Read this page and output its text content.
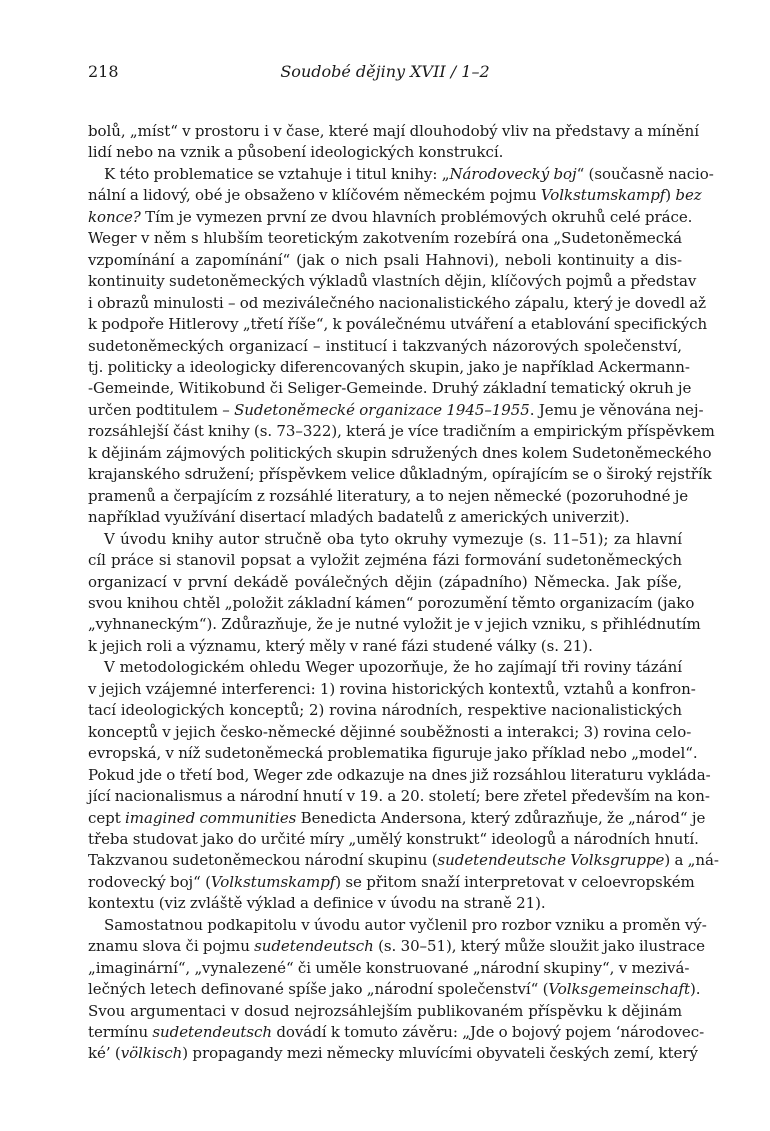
218	Soudobé dějiny XVII / 1–2
bolů, „míst“ v prostoru i v čase, které mají dlouhodobý vliv na představy a mínění
lidí nebo na vznik a působení ideologických konstrukcí.
K této problematice se vztahuje i titul knihy: „Národovecký boj“ (současně nacio-
nální a lidový, obé je obsaženo v klíčovém německém pojmu Volkstumskampf) bez
konce? Tím je vymezen první ze dvou hlavních problémových okruhů celé práce.
Weger v něm s hlubším teoretickým zakotvením rozebírá ona „Sudetoněmecká
vzpomínání a zapomínání“ (jak o nich psali Hahnovi), neboli kontinuity a dis-
kontinuity sudetoněmeckých výkladů vlastních dějin, klíčových pojmů a představ
i obrazů minulosti – od meziválečného nacionalistického zápalu, který je dovedl až
k podpoře Hitlerovy „třetí říše“, k poválečnému utváření a etablování specifických
sudetoněmeckých organizací – institucí i takzvaných názorových společenství,
tj. politicky a ideologicky diferencovaných skupin, jako je například Ackermann-
-Gemeinde, Witikobund či Seliger-Gemeinde. Druhý základní tematický okruh je
určen podtitulem – Sudetoněmecké organizace 1945–1955. Jemu je věnována nej-
rozsáhlejší část knihy (s. 73–322), která je více tradičním a empirickým příspěvkem
k dějinám zájmových politických skupin sdružených dnes kolem Sudetoněmeckého
krajanského sdružení; příspěvkem velice důkladným, opírajícím se o široký rejstřík
pramenů a čerpajícím z rozsáhlé literatury, a to nejen německé (pozoruhodné je
například využívání disertací mladých badatelů z amerických univerzit).
V úvodu knihy autor stručně oba tyto okruhy vymezuje (s. 11–51); za hlavní
cíl práce si stanovil popsat a vyložit zejména fázi formování sudetoněmeckých
organizací v první dekádě poválečných dějin (západního) Německa. Jak píše,
svou knihou chtěl „položit základní kámen“ porozumění těmto organizacím (jako
„vyhnaneckým“). Zdůrazňuje, že je nutné vyložit je v jejich vzniku, s přihlédnutím
k jejich roli a významu, který měly v rané fázi studené války (s. 21).
V metodologickém ohledu Weger upozorňuje, že ho zajímají tři roviny tázání
v jejich vzájemné interferenci: 1) rovina historických kontextů, vztahů a konfron-
tací ideologických konceptů; 2) rovina národních, respektive nacionalistických
konceptů v jejich česko-německé dějinné souběžnosti a interakci; 3) rovina celo-
evropská, v níž sudetoněmecká problematika figuruje jako příklad nebo „model“.
Pokud jde o třetí bod, Weger zde odkazuje na dnes již rozsáhlou literaturu vykláda-
jící nacionalismus a národní hnutí v 19. a 20. století; bere zřetel především na kon-
cept imagined communities Benedicta Andersona, který zdůrazňuje, že „národ“ je
třeba studovat jako do určité míry „umělý konstrukt“ ideologů a národních hnutí.
Takzvanou sudetoněmeckou národní skupinu (sudetendeutsche Volksgruppe) a „ná-
rodovecký boj“ (Volkstumskampf) se přitom snaží interpretovat v celoevropském
kontextu (viz zvláště výklad a definice v úvodu na straně 21).
Samostatnou podkapitolu v úvodu autor vyčlenil pro rozbor vzniku a proměn vý-
znamu slova či pojmu sudetendeutsch (s. 30–51), který může sloužit jako ilustrace
„imaginární“, „vynalezené“ či uměle konstruované „národní skupiny“, v mezivá-
lečných letech definované spíše jako „národní společenství“ (Volksgemeinschaft).
Svou argumentaci v dosud nejrozsáhlejším publikovaném příspěvku k dějinám
termínu sudetendeutsch dovádí k tomuto závěru: „Jde o bojový pojem ‘národovec-
ké’ (völkisch) propagandy mezi německy mluvícími obyvateli českých zemí, který
